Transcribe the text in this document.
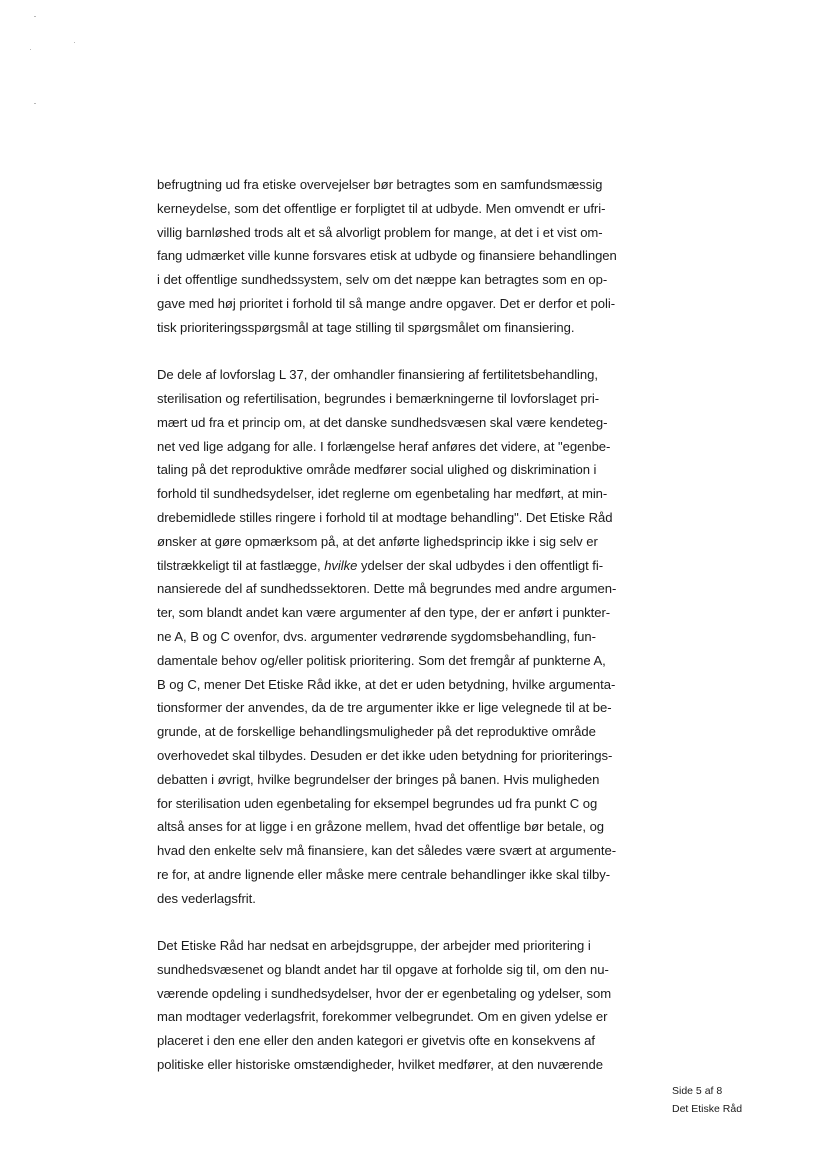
befrugtning ud fra etiske overvejelser bør betragtes som en samfundsmæssig
kerneydelse, som det offentlige er forpligtet til at udbyde. Men omvendt er ufri-
villig barnløshed trods alt et så alvorligt problem for mange, at det i et vist om-
fang udmærket ville kunne forsvares etisk at udbyde og finansiere behandlingen
i det offentlige sundhedssystem, selv om det næppe kan betragtes som en op-
gave med høj prioritet i forhold til så mange andre opgaver. Det er derfor et poli-
tisk prioriteringsspørgsmål at tage stilling til spørgsmålet om finansiering.
De dele af lovforslag L 37, der omhandler finansiering af fertilitetsbehandling,
sterilisation og refertilisation, begrundes i bemærkningerne til lovforslaget pri-
mært ud fra et princip om, at det danske sundhedsvæsen skal være kendeteg-
net ved lige adgang for alle. I forlængelse heraf anføres det videre, at "egenbe-
taling på det reproduktive område medfører social ulighed og diskrimination i
forhold til sundhedsydelser, idet reglerne om egenbetaling har medført, at min-
drebemidlede stilles ringere i forhold til at modtage behandling". Det Etiske Råd
ønsker at gøre opmærksom på, at det anførte lighedsprincip ikke i sig selv er
tilstrækkeligt til at fastlægge, hvilke ydelser der skal udbydes i den offentligt fi-
nansierede del af sundhedssektoren. Dette må begrundes med andre argumen-
ter, som blandt andet kan være argumenter af den type, der er anført i punkter-
ne A, B og C ovenfor, dvs. argumenter vedrørende sygdomsbehandling, fun-
damentale behov og/eller politisk prioritering. Som det fremgår af punkterne A,
B og C, mener Det Etiske Råd ikke, at det er uden betydning, hvilke argumenta-
tionsformer der anvendes, da de tre argumenter ikke er lige velegnede til at be-
grunde, at de forskellige behandlingsmuligheder på det reproduktive område
overhovedet skal tilbydes. Desuden er det ikke uden betydning for prioriterings-
debatten i øvrigt, hvilke begrundelser der bringes på banen. Hvis muligheden
for sterilisation uden egenbetaling for eksempel begrundes ud fra punkt C og
altså anses for at ligge i en gråzone mellem, hvad det offentlige bør betale, og
hvad den enkelte selv må finansiere, kan det således være svært at argumente-
re for, at andre lignende eller måske mere centrale behandlinger ikke skal tilby-
des vederlagsfrit.
Det Etiske Råd har nedsat en arbejdsgruppe, der arbejder med prioritering i
sundhedsvæsenet og blandt andet har til opgave at forholde sig til, om den nu-
værende opdeling i sundhedsydelser, hvor der er egenbetaling og ydelser, som
man modtager vederlagsfrit, forekommer velbegrundet. Om en given ydelse er
placeret i den ene eller den anden kategori er givetvis ofte en konsekvens af
politiske eller historiske omstændigheder, hvilket medfører, at den nuværende
Side 5 af 8
Det Etiske Råd
